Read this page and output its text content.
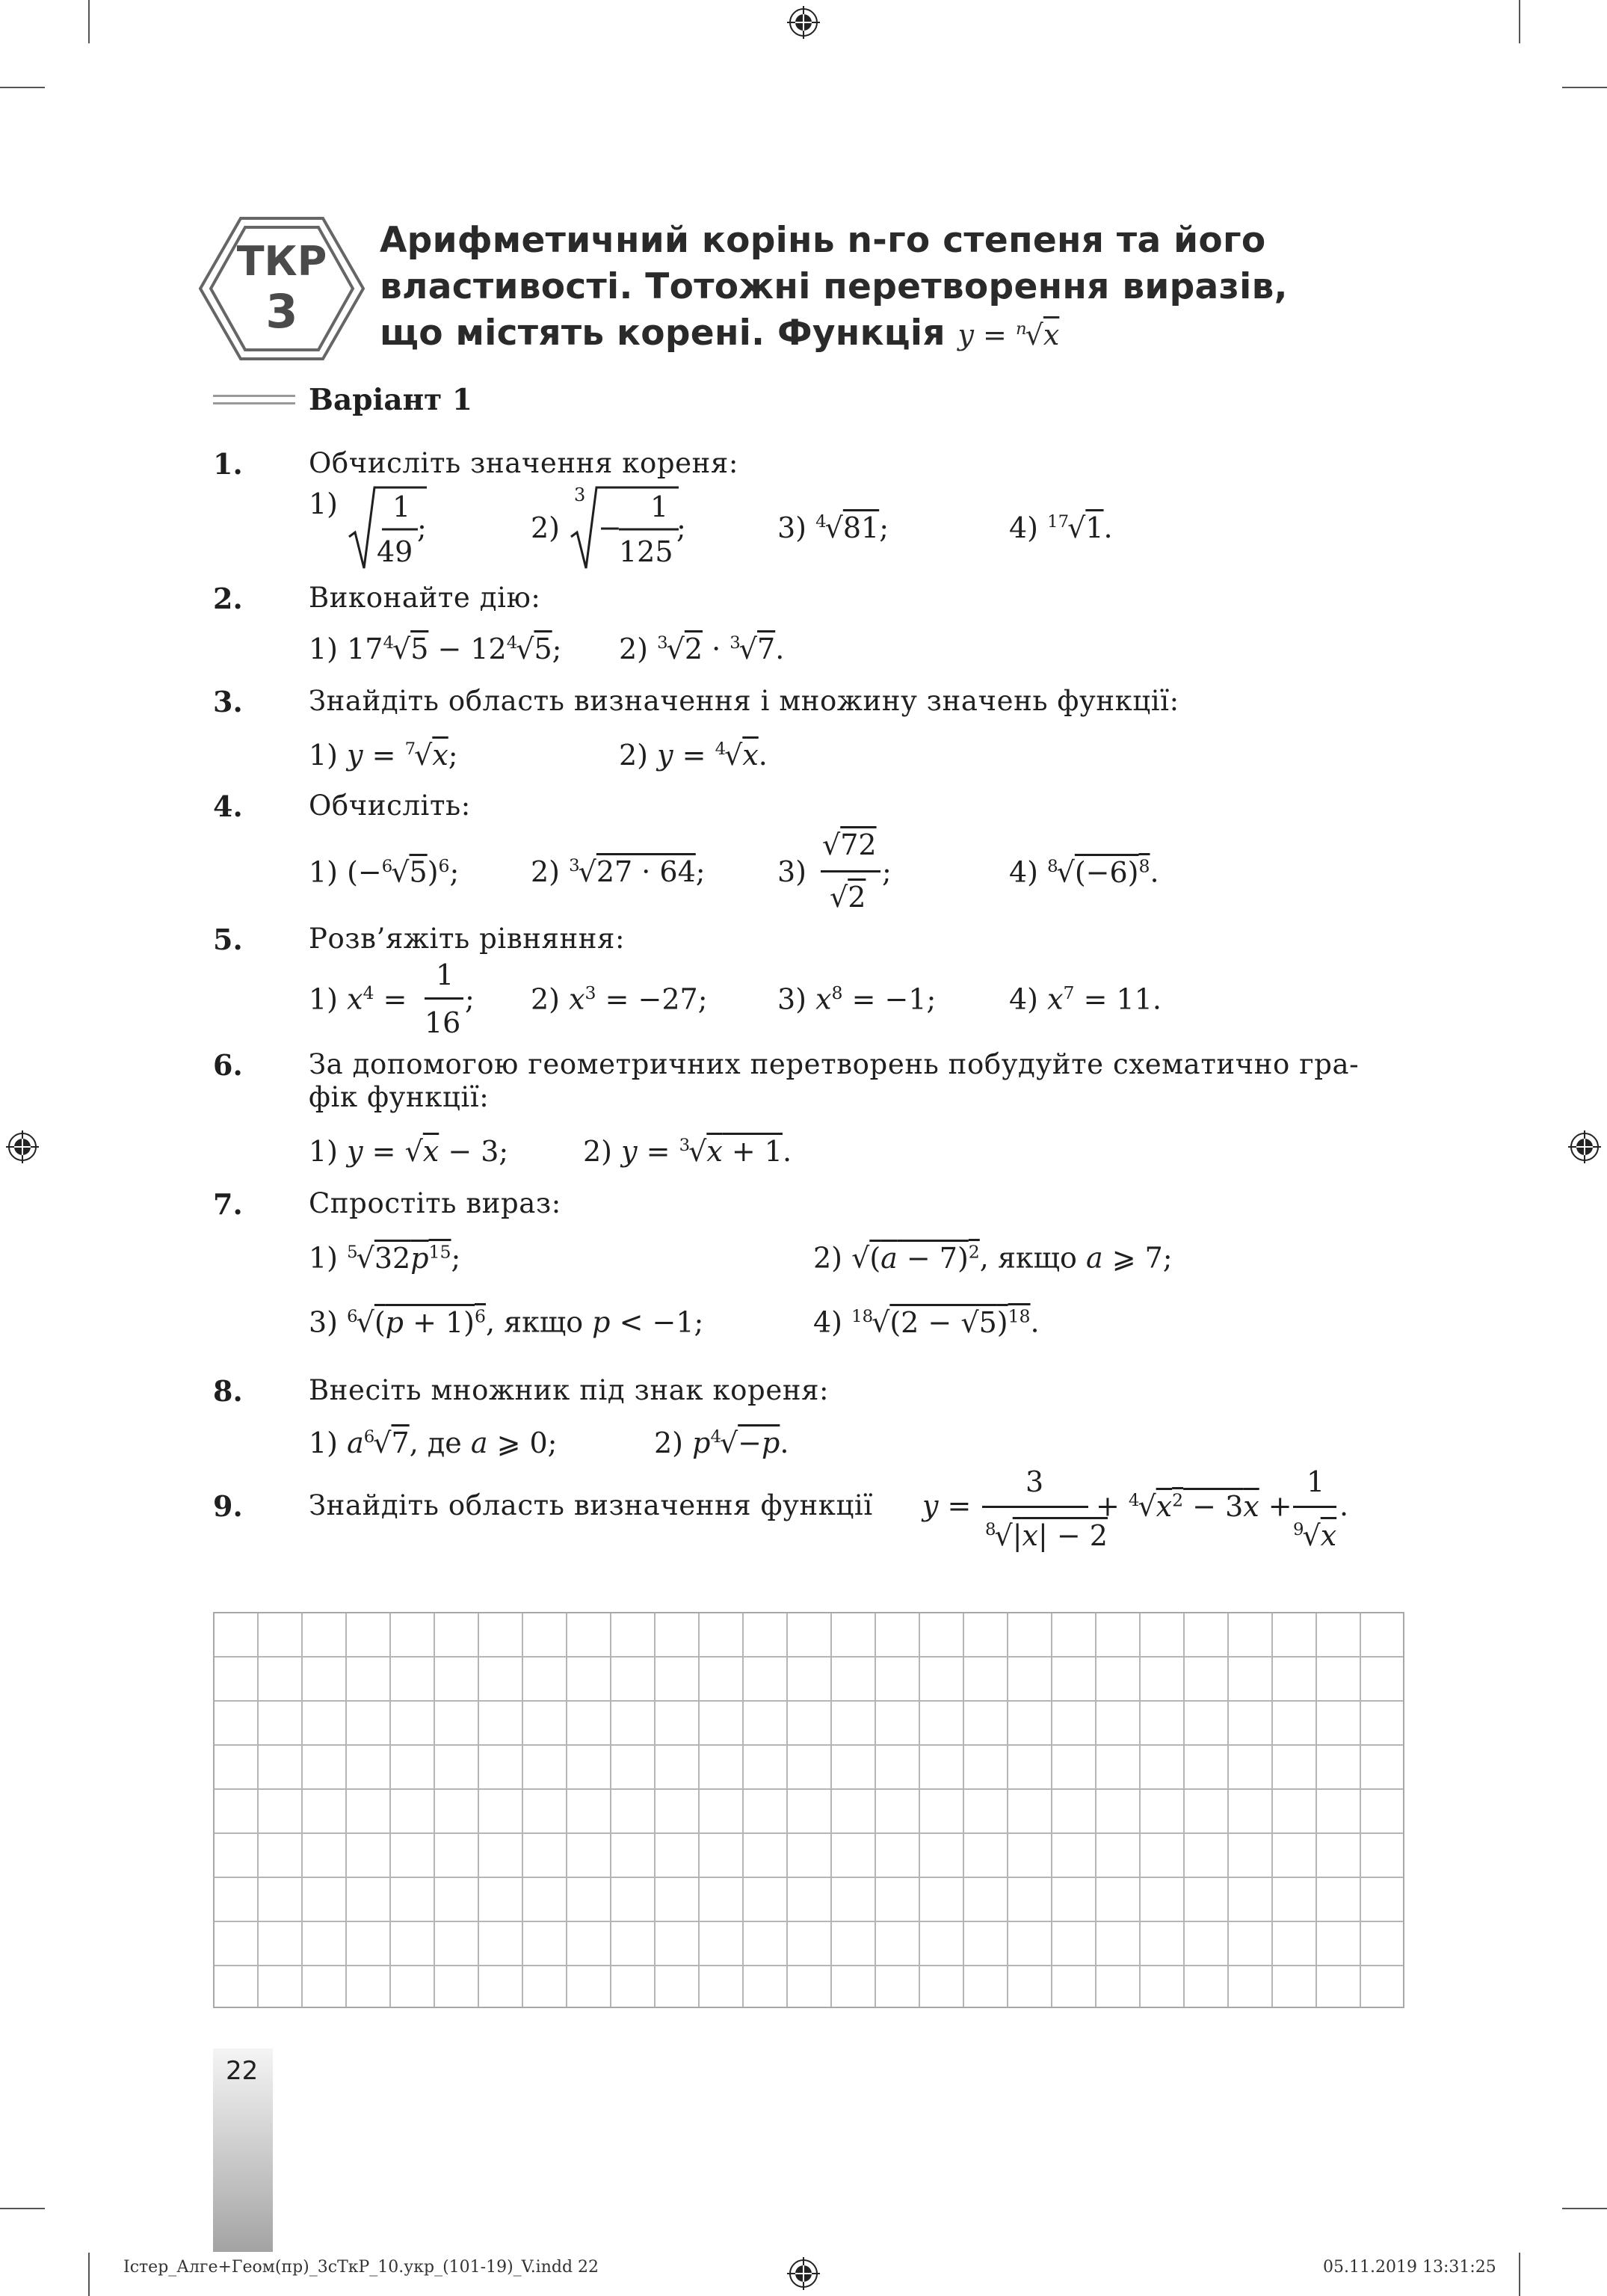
ТКР
3
Арифметичний корінь n-го степеня та його
властивості. Тотожні перетворення виразів,
що містять корені. Функція y = $^n$√x
Варіант 1
1. Обчисліть значення кореня:
1) 1
49
;	2)
3
−
1
125
;	3) $^4$√81;	4) $^{17}$√1.
2. Виконайте дію:
1) $17^4√5 - 12^4√5$; 2) $^3$√2 · $^3$√7.
3. Знайдіть область визначення і множину значень функції:
1) y = $^7$√x;	2) y = $^4$√x.
4. Обчисліть:
1) $(-^6√5)^6$;	2) $^3$√27 · 64;	3)
√72
√2
;	4) $^8√(-6)^8$.
5. Розв’яжіть рівняння:
1) $x^4$ =
1
16
; 2) $x^3 = -27$; 3) $x^8 = -1$;	4) $x^7 = 11$.
6. За допомогою геометричних перетворень побудуйте схематично гра-
фік функції:
1) y = √x − 3;	2) y = $^3$√x + 1.
7. Спростіть вираз:
1) $^5√32p^{15}$;	2) $√(a - 7)^2$, якщо a ⩾ 7;
3) $^6√(p + 1)^6$, якщо p < −1;	4) $^{18}√(2 - √5)^{18}$.
8. Внесіть множник під знак кореня:
1) $a^6√7$, де a ⩾ 0;	2) $p^4√-p$.
9. Знайдіть область визначення функції y =
3
$^8$√|x| − 2
+ $^4√x^2 - 3x$ +
1
$^9$√x
.
22
Істер_Алге+Геом(пр)_3сТкР_10.укр_(101-19)_V.indd 22	05.11.2019 13:31:25
